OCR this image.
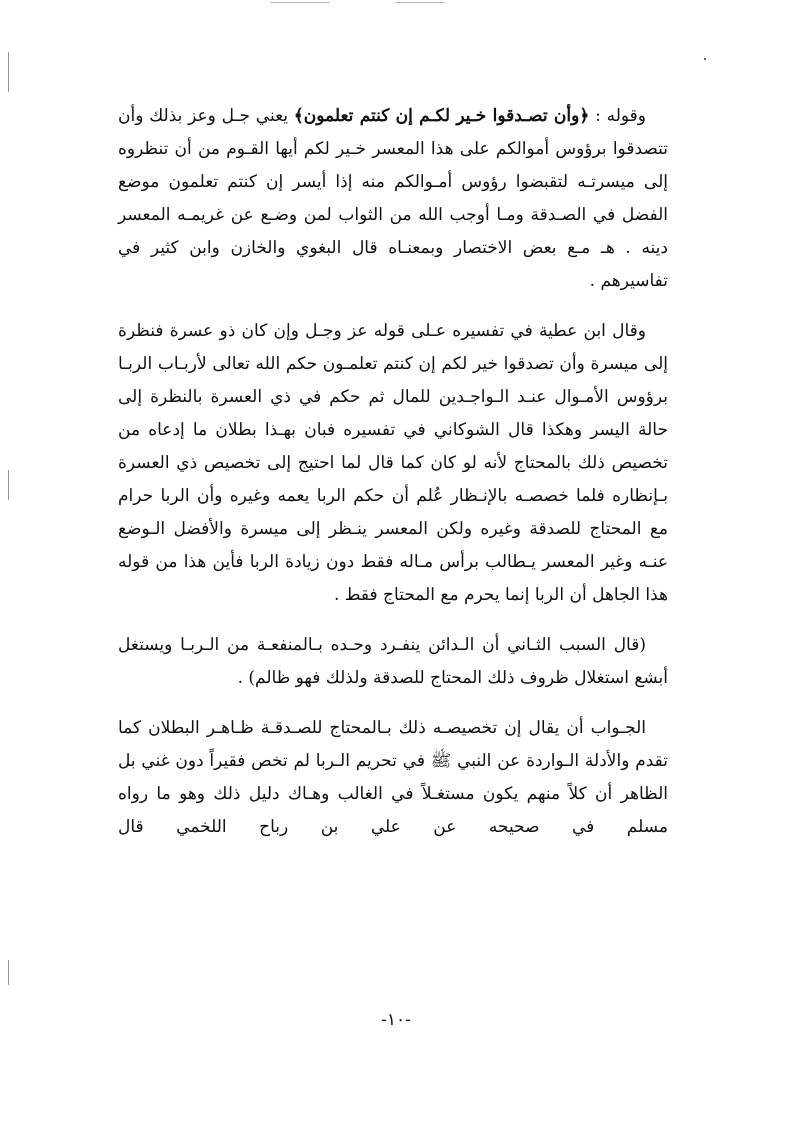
وقوله : ﴿وأن تصـدقوا خـير لكـم إن كنتم تعلمون﴾ يعني جـل وعز بذلك وأن تتصدقوا برؤوس أموالكم على هذا المعسر خـير لكم أيها القـوم من أن تنظروه إلى ميسرتـه لتقبضوا رؤوس أمـوالكم منه إذا أيسر إن كنتم تعلمون موضع الفضل في الصـدقة ومـا أوجب الله من الثواب لمن وضـع عن غريمـه المعسر دينه . هـ مـع بعض الاختصار وبمعنـاه قال البغوي والخازن وابن كثير في تفاسيرهم .

وقال ابن عطية في تفسيره عـلى قوله عز وجـل وإن كان ذو عسرة فنظرة إلى ميسرة وأن تصدقوا خير لكم إن كنتم تعلمـون حكم الله تعالى لأربـاب الربـا برؤوس الأمـوال عنـد الـواجـدين للمال ثم حكم في ذي العسرة بالنظرة إلى حالة اليسر وهكذا قال الشوكاني في تفسيره فبان بهـذا بطلان ما إدعاه من تخصيص ذلك بالمحتاج لأنه لو كان كما قال لما احتيج إلى تخصيص ذي العسرة بـإنظاره فلما خصصـه بالإنـظار عُلم أن حكم الربا يعمه وغيره وأن الربا حرام مع المحتاج للصدقة وغيره ولكن المعسر ينـظر إلى ميسرة والأفضل الـوضع عنـه وغير المعسر يـطالب برأس مـاله فقط دون زيادة الربا فأين هذا من قوله هذا الجاهل أن الربا إنما يحرم مع المحتاج فقط .

(قال السبب الثـاني أن الـدائن ينفـرد وحـده بـالمنفعـة من الـربـا ويستغل أبشع استغلال ظروف ذلك المحتاج للصدقة ولذلك فهو ظالم) .

الجـواب أن يقال إن تخصيصـه ذلك بـالمحتاج للصـدقـة ظـاهـر البطلان كما تقدم والأدلة الـواردة عن النبي ﷺ في تحريم الـربا لم تخص فقيراً دون غني بل الظاهر أن كلاً منهم يكون مستغـلاً في الغالب وهـاك دليل ذلك وهو ما رواه مسلم في صحيحه عن علي بن رباح اللخمي قال

-١٠-
